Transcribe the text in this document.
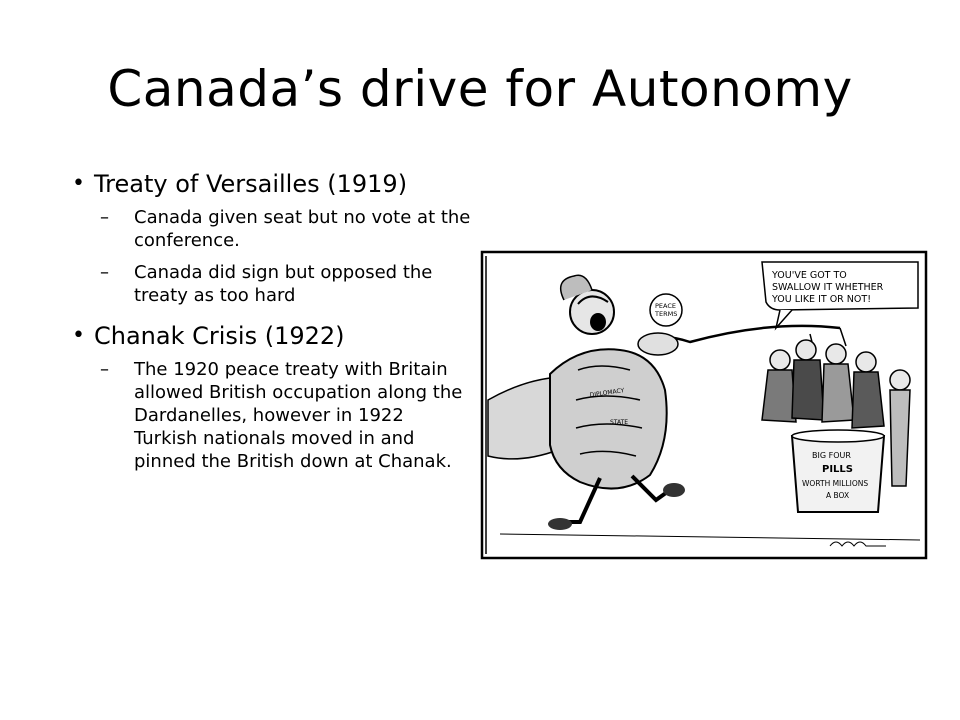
Canada’s drive for Autonomy
• Treaty of Versailles (1919)
– Canada given seat but no vote at the conference.
– Canada did sign but opposed the treaty as too hard
• Chanak Crisis (1922)
– The 1920 peace treaty with Britain allowed British occupation along the Dardanelles, however in 1922 Turkish nationals moved in and pinned the British down at Chanak.
YOU'VE GOT TO
SWALLOW IT WHETHER
YOU LIKE IT OR NOT!
DIPLOMACY
STATE
PEACE
TERMS
BIG FOUR
PILLS
WORTH MILLIONS
A BOX
